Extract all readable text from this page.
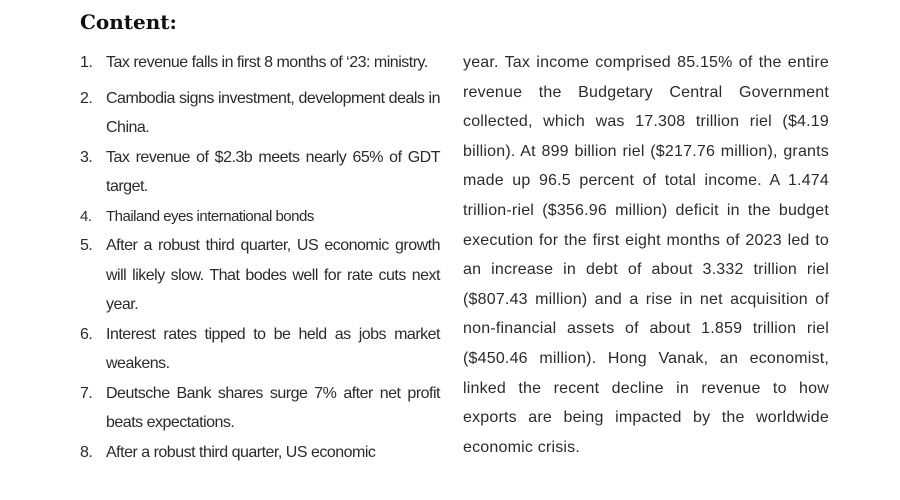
Content:
1. Tax revenue falls in first 8 months of ‘23: ministry.
2. Cambodia signs investment, development deals in China.
3. Tax revenue of $2.3b meets nearly 65% of GDT target.
4. Thailand eyes international bonds
5. After a robust third quarter, US economic growth will likely slow. That bodes well for rate cuts next year.
6. Interest rates tipped to be held as jobs market weakens.
7. Deutsche Bank shares surge 7% after net profit beats expectations.
8. After a robust third quarter, US economic

year. Tax income comprised 85.15% of the entire revenue the Budgetary Central Government collected, which was 17.308 trillion riel ($4.19 billion). At 899 billion riel ($217.76 million), grants made up 96.5 percent of total income. A 1.474 trillion-riel ($356.96 million) deficit in the budget execution for the first eight months of 2023 led to an increase in debt of about 3.332 trillion riel ($807.43 million) and a rise in net acquisition of non-financial assets of about 1.859 trillion riel ($450.46 million). Hong Vanak, an economist, linked the recent decline in revenue to how exports are being impacted by the worldwide economic crisis.
